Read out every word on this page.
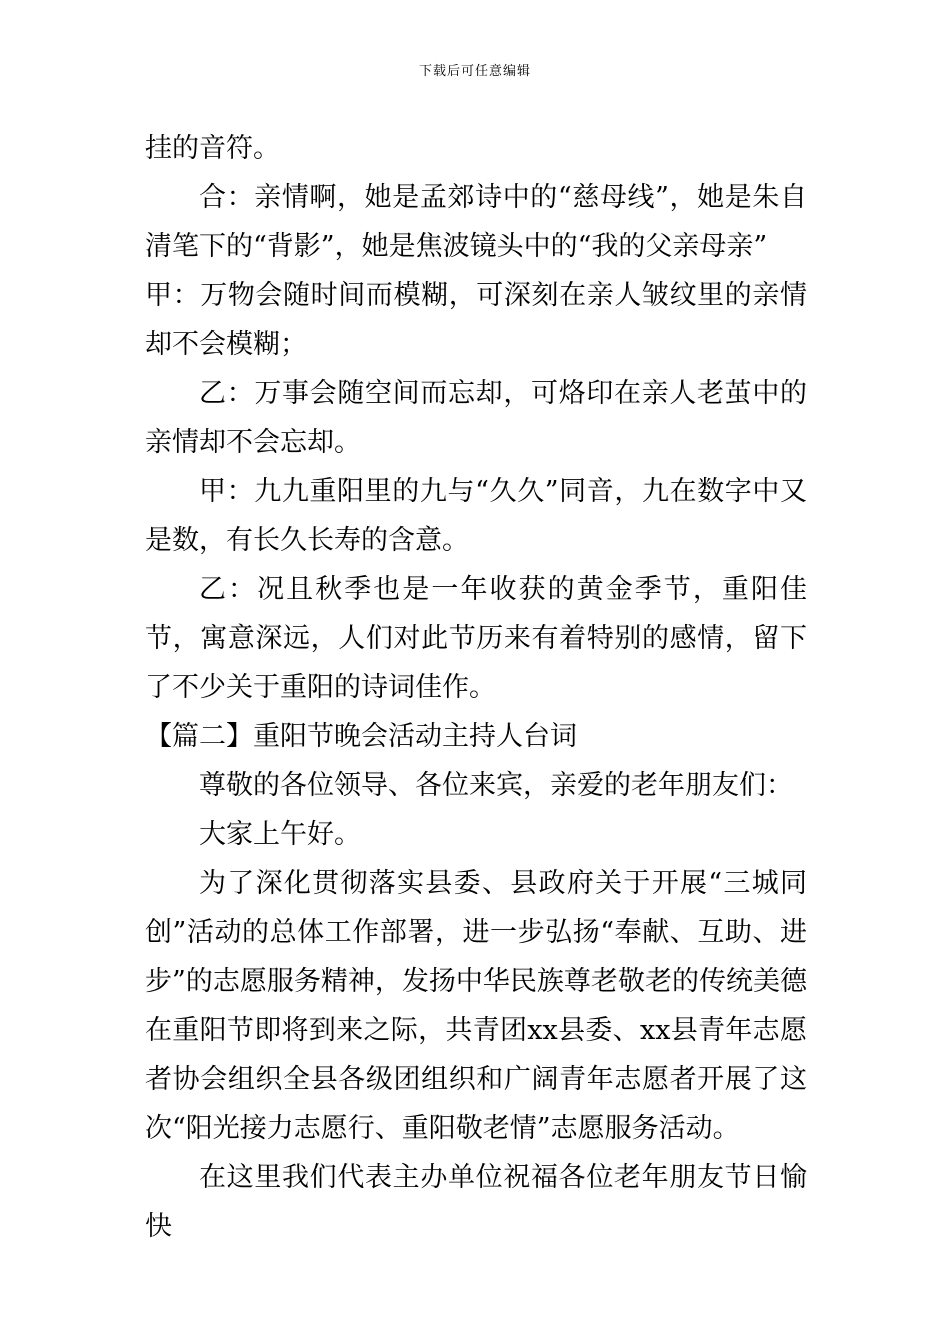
下载后可任意编辑

挂的音符。

合：亲情啊，她是孟郊诗中的“慈母线”，她是朱自清笔下的“背影”，她是焦波镜头中的“我的父亲母亲”

甲：万物会随时间而模糊，可深刻在亲人皱纹里的亲情却不会模糊；

乙：万事会随空间而忘却，可烙印在亲人老茧中的亲情却不会忘却。

甲：九九重阳里的九与“久久”同音，九在数字中又是数，有长久长寿的含意。

乙：况且秋季也是一年收获的黄金季节，重阳佳节，寓意深远，人们对此节历来有着特别的感情，留下了不少关于重阳的诗词佳作。

【篇二】重阳节晚会活动主持人台词

尊敬的各位领导、各位来宾，亲爱的老年朋友们：

大家上午好。

为了深化贯彻落实县委、县政府关于开展“三城同创”活动的总体工作部署，进一步弘扬“奉献、互助、进步”的志愿服务精神，发扬中华民族尊老敬老的传统美德在重阳节即将到来之际，共青团xx县委、xx县青年志愿者协会组织全县各级团组织和广阔青年志愿者开展了这次“阳光接力志愿行、重阳敬老情”志愿服务活动。

在这里我们代表主办单位祝福各位老年朋友节日愉快
